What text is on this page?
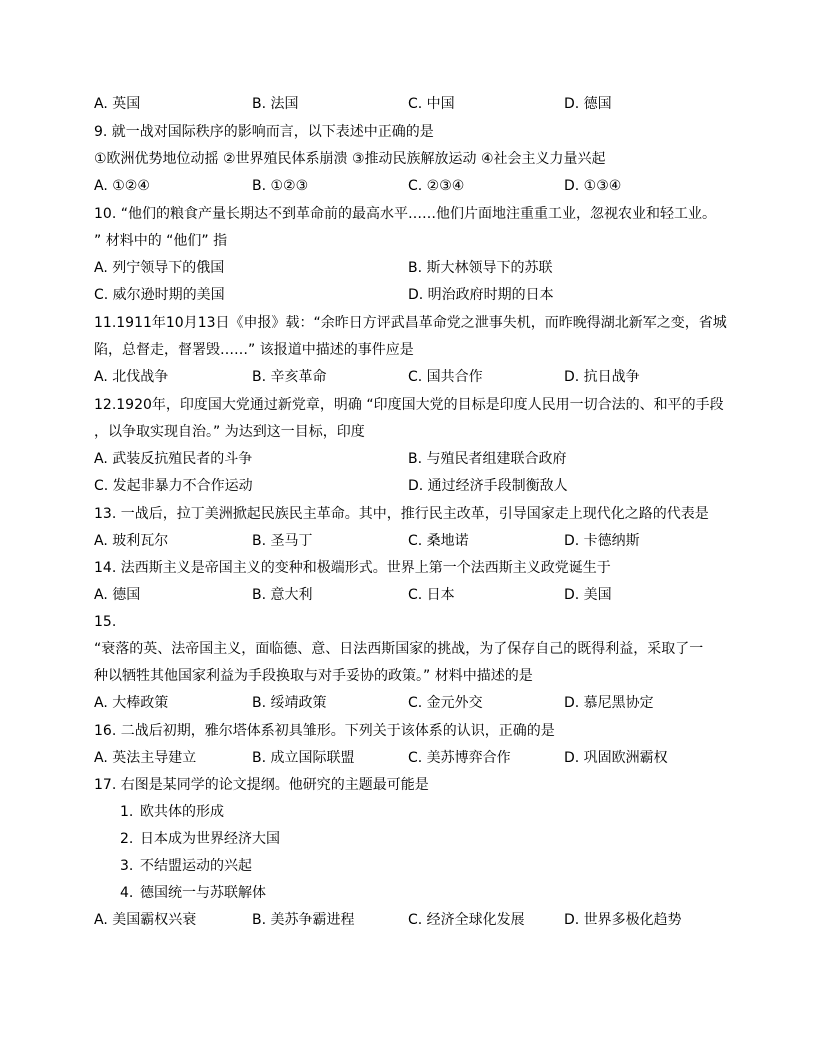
A. 英国	B. 法国	C. 中国	D. 德国
9. 就一战对国际秩序的影响而言，以下表述中正确的是
①欧洲优势地位动摇 ②世界殖民体系崩溃 ③推动民族解放运动 ④社会主义力量兴起
A. ①②④	B. ①②③	C. ②③④	D. ①③④
10. “他们的粮食产量长期达不到革命前的最高水平……他们片面地注重重工业，忽视农业和轻工业。
” 材料中的 “他们” 指
A. 列宁领导下的俄国	B. 斯大林领导下的苏联
C. 威尔逊时期的美国	D. 明治政府时期的日本
11.1911年10月13日《申报》载：“余昨日方评武昌革命党之泄事失机，而昨晚得湖北新军之变，省城
陷，总督走，督署毁……” 该报道中描述的事件应是
A. 北伐战争	B. 辛亥革命	C. 国共合作	D. 抗日战争
12.1920年，印度国大党通过新党章，明确 “印度国大党的目标是印度人民用一切合法的、和平的手段
，以争取实现自治。” 为达到这一目标，印度
A. 武装反抗殖民者的斗争	B. 与殖民者组建联合政府
C. 发起非暴力不合作运动	D. 通过经济手段制衡敌人
13. 一战后，拉丁美洲掀起民族民主革命。其中，推行民主改革，引导国家走上现代化之路的代表是
A. 玻利瓦尔	B. 圣马丁	C. 桑地诺	D. 卡德纳斯
14. 法西斯主义是帝国主义的变种和极端形式。世界上第一个法西斯主义政党诞生于
A. 德国	B. 意大利	C. 日本	D. 美国
15.
“衰落的英、法帝国主义，面临德、意、日法西斯国家的挑战，为了保存自己的既得利益，采取了一
种以牺牲其他国家利益为手段换取与对手妥协的政策。” 材料中描述的是
A. 大棒政策	B. 绥靖政策	C. 金元外交	D. 慕尼黑协定
16. 二战后初期，雅尔塔体系初具雏形。下列关于该体系的认识，正确的是
A. 英法主导建立	B. 成立国际联盟	C. 美苏博弈合作	D. 巩固欧洲霸权
17. 右图是某同学的论文提纲。他研究的主题最可能是
1. 欧共体的形成
2. 日本成为世界经济大国
3. 不结盟运动的兴起
4. 德国统一与苏联解体
A. 美国霸权兴衰	B. 美苏争霸进程	C. 经济全球化发展	D. 世界多极化趋势
